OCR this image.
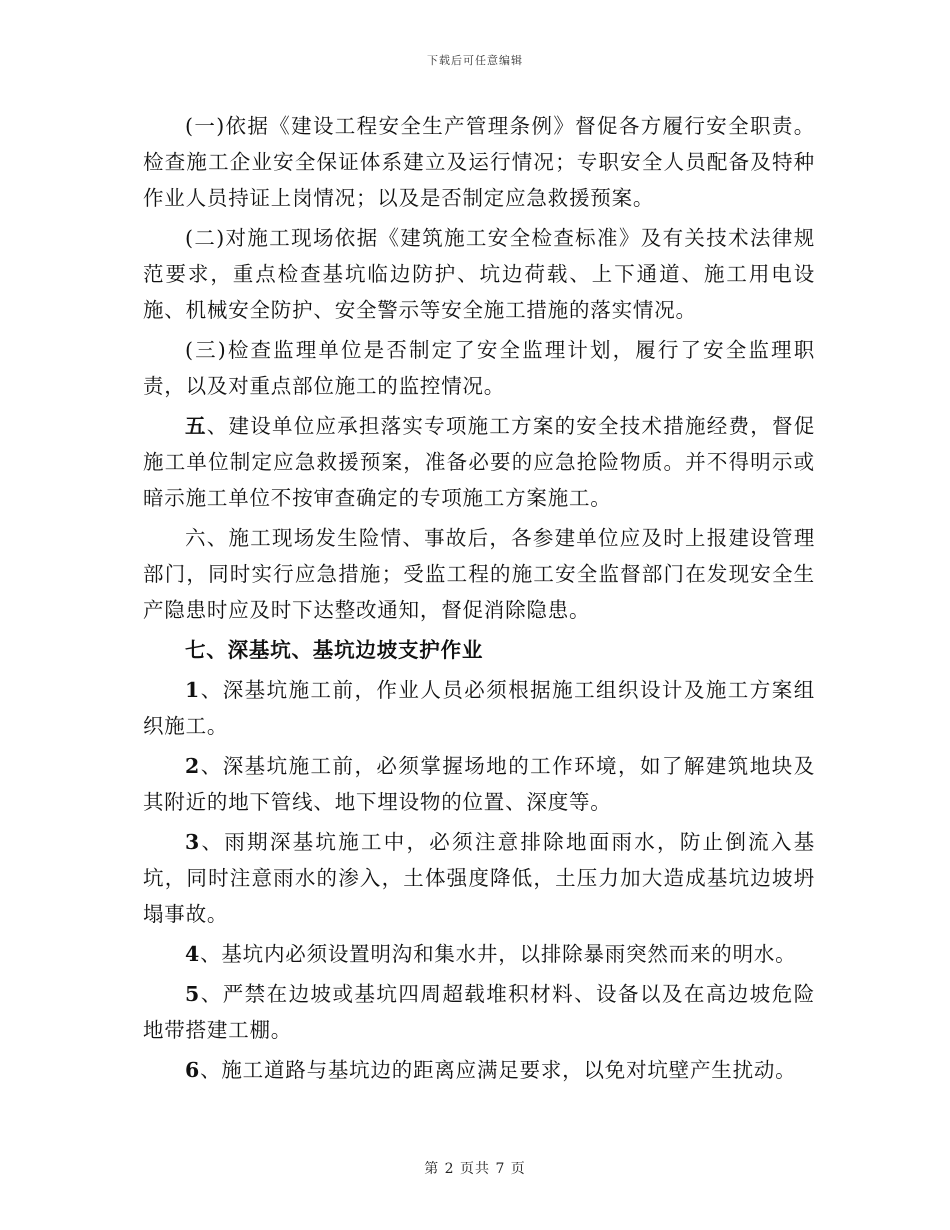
下载后可任意编辑

(一)依据《建设工程安全生产管理条例》督促各方履行安全职责。检查施工企业安全保证体系建立及运行情况；专职安全人员配备及特种作业人员持证上岗情况；以及是否制定应急救援预案。

(二)对施工现场依据《建筑施工安全检查标准》及有关技术法律规范要求，重点检查基坑临边防护、坑边荷载、上下通道、施工用电设施、机械安全防护、安全警示等安全施工措施的落实情况。

(三)检查监理单位是否制定了安全监理计划，履行了安全监理职责，以及对重点部位施工的监控情况。

五、建设单位应承担落实专项施工方案的安全技术措施经费，督促施工单位制定应急救援预案，准备必要的应急抢险物质。并不得明示或暗示施工单位不按审查确定的专项施工方案施工。

六、施工现场发生险情、事故后，各参建单位应及时上报建设管理部门，同时实行应急措施；受监工程的施工安全监督部门在发现安全生产隐患时应及时下达整改通知，督促消除隐患。

七、深基坑、基坑边坡支护作业

1、深基坑施工前，作业人员必须根据施工组织设计及施工方案组织施工。

2、深基坑施工前，必须掌握场地的工作环境，如了解建筑地块及其附近的地下管线、地下埋设物的位置、深度等。

3、雨期深基坑施工中，必须注意排除地面雨水，防止倒流入基坑，同时注意雨水的渗入，土体强度降低，土压力加大造成基坑边坡坍塌事故。

4、基坑内必须设置明沟和集水井，以排除暴雨突然而来的明水。

5、严禁在边坡或基坑四周超载堆积材料、设备以及在高边坡危险地带搭建工棚。

6、施工道路与基坑边的距离应满足要求，以免对坑壁产生扰动。

第 2 页共 7 页
